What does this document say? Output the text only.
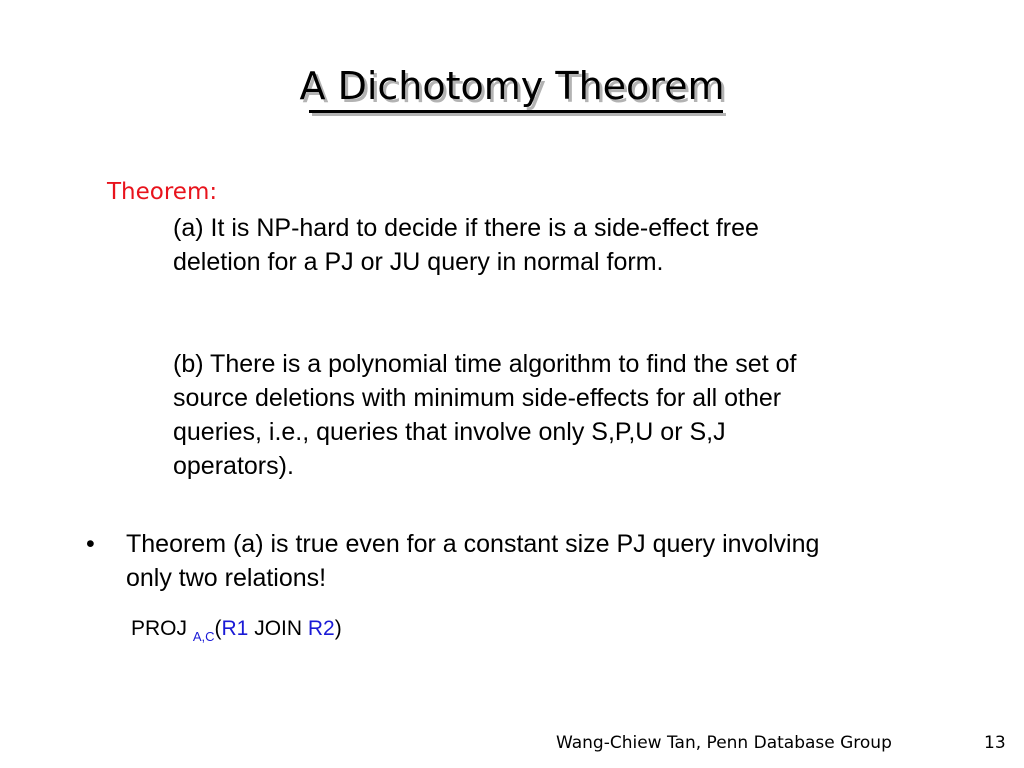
A Dichotomy Theorem
Theorem:

(a) It is NP-hard to decide if there is a side-effect free
deletion for a PJ or JU query in normal form.

(b) There is a polynomial time algorithm to find the set of
source deletions with minimum side-effects for all other
queries, i.e., queries that involve only S,P,U or S,J
operators).

• Theorem (a) is true even for a constant size PJ query involving
only two relations!
PROJ $_{A,C}$(R1 JOIN R2)
Wang-Chiew Tan, Penn Database Group	13
